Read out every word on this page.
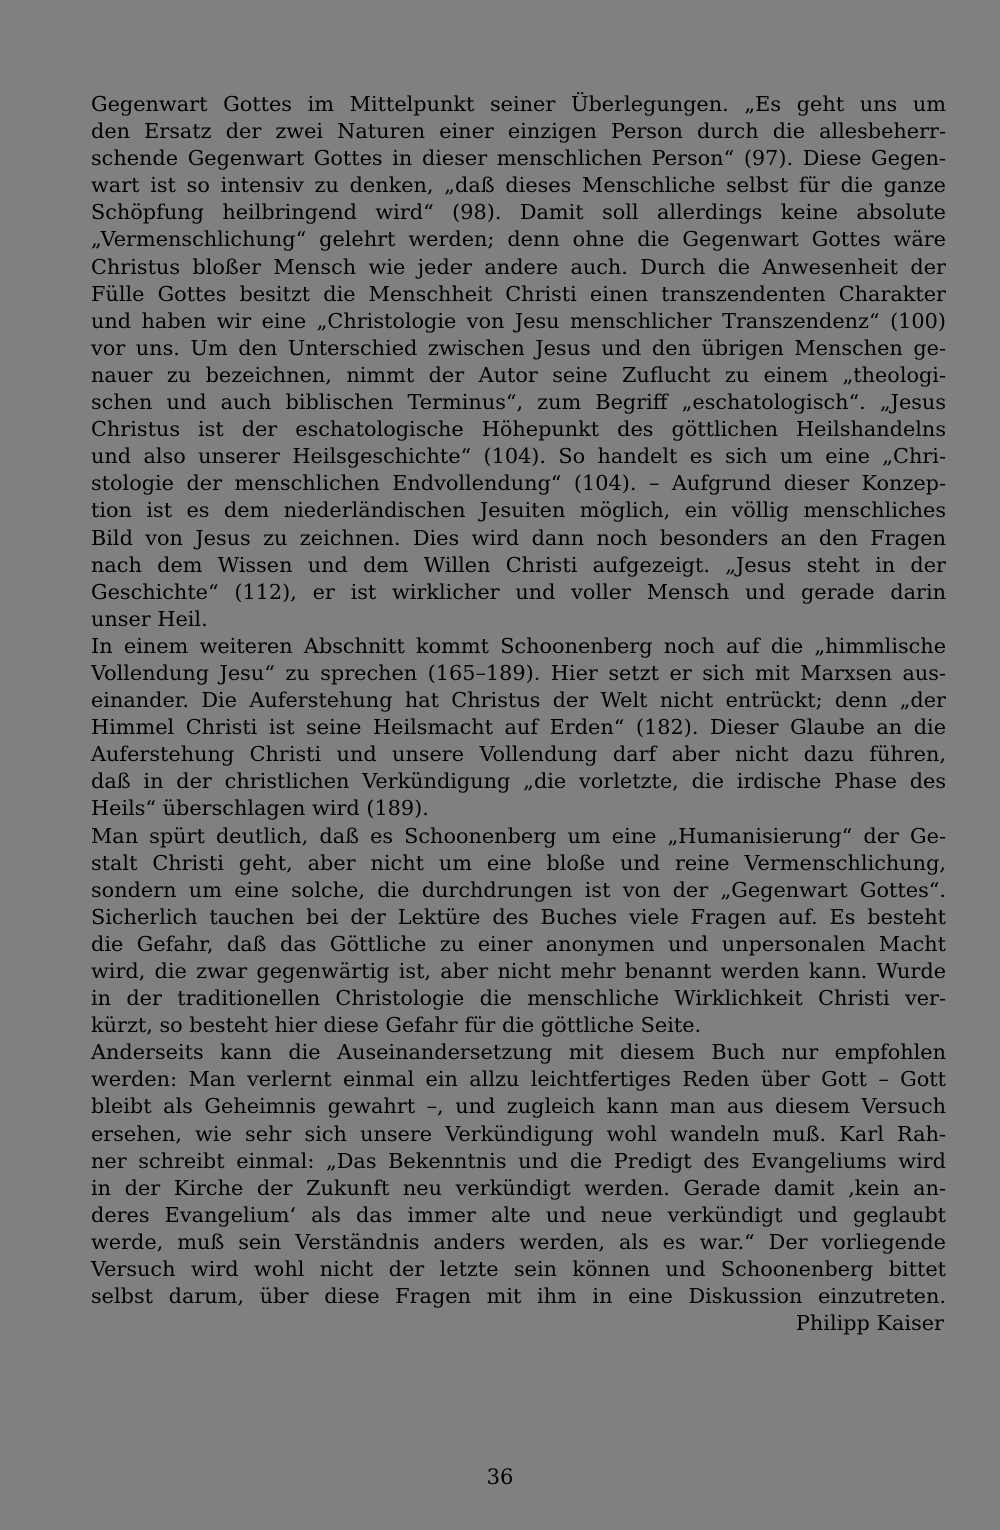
Gegenwart Gottes im Mittelpunkt seiner Überlegungen. „Es geht uns um
den Ersatz der zwei Naturen einer einzigen Person durch die allesbeherr-
schende Gegenwart Gottes in dieser menschlichen Person“ (97). Diese Gegen-
wart ist so intensiv zu denken, „daß dieses Menschliche selbst für die ganze
Schöpfung heilbringend wird“ (98). Damit soll allerdings keine absolute
„Vermenschlichung“ gelehrt werden; denn ohne die Gegenwart Gottes wäre
Christus bloßer Mensch wie jeder andere auch. Durch die Anwesenheit der
Fülle Gottes besitzt die Menschheit Christi einen transzendenten Charakter
und haben wir eine „Christologie von Jesu menschlicher Transzendenz“ (100)
vor uns. Um den Unterschied zwischen Jesus und den übrigen Menschen ge-
nauer zu bezeichnen, nimmt der Autor seine Zuflucht zu einem „theologi-
schen und auch biblischen Terminus“, zum Begriff „eschatologisch“. „Jesus
Christus ist der eschatologische Höhepunkt des göttlichen Heilshandelns
und also unserer Heilsgeschichte“ (104). So handelt es sich um eine „Chri-
stologie der menschlichen Endvollendung“ (104). – Aufgrund dieser Konzep-
tion ist es dem niederländischen Jesuiten möglich, ein völlig menschliches
Bild von Jesus zu zeichnen. Dies wird dann noch besonders an den Fragen
nach dem Wissen und dem Willen Christi aufgezeigt. „Jesus steht in der
Geschichte“ (112), er ist wirklicher und voller Mensch und gerade darin
unser Heil.
In einem weiteren Abschnitt kommt Schoonenberg noch auf die „himmlische
Vollendung Jesu“ zu sprechen (165–189). Hier setzt er sich mit Marxsen aus-
einander. Die Auferstehung hat Christus der Welt nicht entrückt; denn „der
Himmel Christi ist seine Heilsmacht auf Erden“ (182). Dieser Glaube an die
Auferstehung Christi und unsere Vollendung darf aber nicht dazu führen,
daß in der christlichen Verkündigung „die vorletzte, die irdische Phase des
Heils“ überschlagen wird (189).
Man spürt deutlich, daß es Schoonenberg um eine „Humanisierung“ der Ge-
stalt Christi geht, aber nicht um eine bloße und reine Vermenschlichung,
sondern um eine solche, die durchdrungen ist von der „Gegenwart Gottes“.
Sicherlich tauchen bei der Lektüre des Buches viele Fragen auf. Es besteht
die Gefahr, daß das Göttliche zu einer anonymen und unpersonalen Macht
wird, die zwar gegenwärtig ist, aber nicht mehr benannt werden kann. Wurde
in der traditionellen Christologie die menschliche Wirklichkeit Christi ver-
kürzt, so besteht hier diese Gefahr für die göttliche Seite.
Anderseits kann die Auseinandersetzung mit diesem Buch nur empfohlen
werden: Man verlernt einmal ein allzu leichtfertiges Reden über Gott – Gott
bleibt als Geheimnis gewahrt –, und zugleich kann man aus diesem Versuch
ersehen, wie sehr sich unsere Verkündigung wohl wandeln muß. Karl Rah-
ner schreibt einmal: „Das Bekenntnis und die Predigt des Evangeliums wird
in der Kirche der Zukunft neu verkündigt werden. Gerade damit ‚kein an-
deres Evangelium‘ als das immer alte und neue verkündigt und geglaubt
werde, muß sein Verständnis anders werden, als es war.“ Der vorliegende
Versuch wird wohl nicht der letzte sein können und Schoonenberg bittet
selbst darum, über diese Fragen mit ihm in eine Diskussion einzutreten.
Philipp Kaiser
36
